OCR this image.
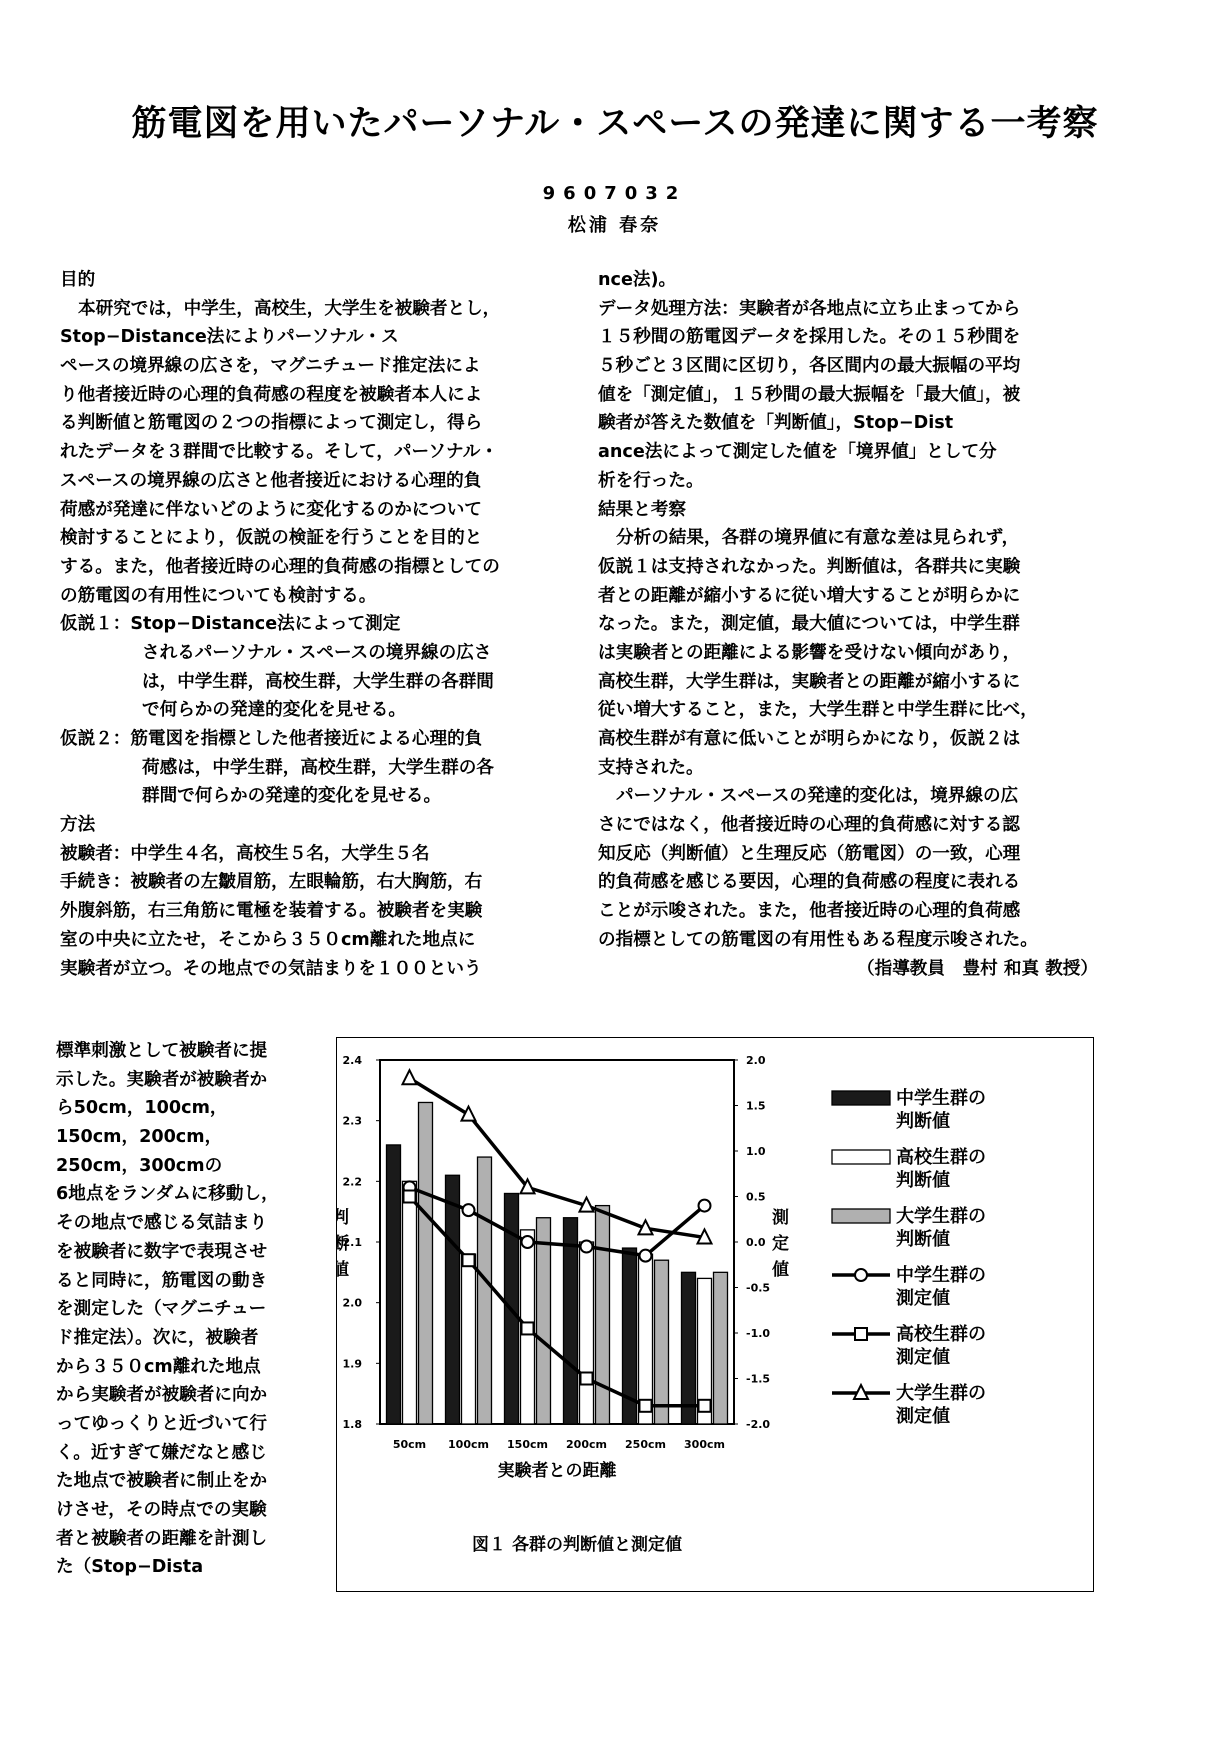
筋電図を用いたパーソナル・スペースの発達に関する一考察
9607032
松浦 春奈
目的
本研究では，中学生，高校生，大学生を被験者とし，
Stop−Distance法によりパーソナル・ス
ペースの境界線の広さを，マグニチュード推定法によ
り他者接近時の心理的負荷感の程度を被験者本人によ
る判断値と筋電図の２つの指標によって測定し，得ら
れたデータを３群間で比較する。そして，パーソナル・
スペースの境界線の広さと他者接近における心理的負
荷感が発達に伴ないどのように変化するのかについて
検討することにより，仮説の検証を行うことを目的と
する。また，他者接近時の心理的負荷感の指標としての
の筋電図の有用性についても検討する。
仮説１：Stop−Distance法によって測定
されるパーソナル・スペースの境界線の広さ
は，中学生群，高校生群，大学生群の各群間
で何らかの発達的変化を見せる。
仮説２：筋電図を指標とした他者接近による心理的負
荷感は，中学生群，高校生群，大学生群の各
群間で何らかの発達的変化を見せる。
方法
被験者：中学生４名，高校生５名，大学生５名
手続き：被験者の左皺眉筋，左眼輪筋，右大胸筋，右
外腹斜筋，右三角筋に電極を装着する。被験者を実験
室の中央に立たせ，そこから３５０cm離れた地点に
実験者が立つ。その地点での気詰まりを１００という
標準刺激として被験者に提
示した。実験者が被験者か
ら50cm，100cm，
150cm，200cm，
250cm，300cmの
6地点をランダムに移動し，
その地点で感じる気詰まり
を被験者に数字で表現させ
ると同時に，筋電図の動き
を測定した（マグニチュー
ド推定法）。次に，被験者
から３５０cm離れた地点
から実験者が被験者に向か
ってゆっくりと近づいて行
く。近すぎて嫌だなと感じ
た地点で被験者に制止をか
けさせ，その時点での実験
者と被験者の距離を計測し
た（Stop−Dista
nce法)。
データ処理方法：実験者が各地点に立ち止まってから
１５秒間の筋電図データを採用した。その１５秒間を
５秒ごと３区間に区切り，各区間内の最大振幅の平均
値を「測定値」，１５秒間の最大振幅を「最大値」，被
験者が答えた数値を「判断値」，Stop−Dist
ance法によって測定した値を「境界値」として分
析を行った。
結果と考察
分析の結果，各群の境界値に有意な差は見られず，
仮説１は支持されなかった。判断値は，各群共に実験
者との距離が縮小するに従い増大することが明らかに
なった。また，測定値，最大値については，中学生群
は実験者との距離による影響を受けない傾向があり，
高校生群，大学生群は，実験者との距離が縮小するに
従い増大すること，また，大学生群と中学生群に比べ，
高校生群が有意に低いことが明らかになり，仮説２は
支持された。
パーソナル・スペースの発達的変化は，境界線の広
さにではなく，他者接近時の心理的負荷感に対する認
知反応（判断値）と生理反応（筋電図）の一致，心理
的負荷感を感じる要因，心理的負荷感の程度に表れる
ことが示唆された。また，他者接近時の心理的負荷感
の指標としての筋電図の有用性もある程度示唆された。
（指導教員　豊村 和真 教授）
1.8
1.9
2.0
2.1
2.2
2.3
2.4
-2.0
-1.5
-1.0
-0.5
0.0
0.5
1.0
1.5
2.0
判
断
値
測
定
値
50cm 100cm 150cm 200cm 250cm 300cm
実験者との距離
中学生群の
判断値
高校生群の
判断値
大学生群の
判断値
中学生群の
測定値
高校生群の
測定値
大学生群の
測定値
図１ 各群の判断値と測定値
